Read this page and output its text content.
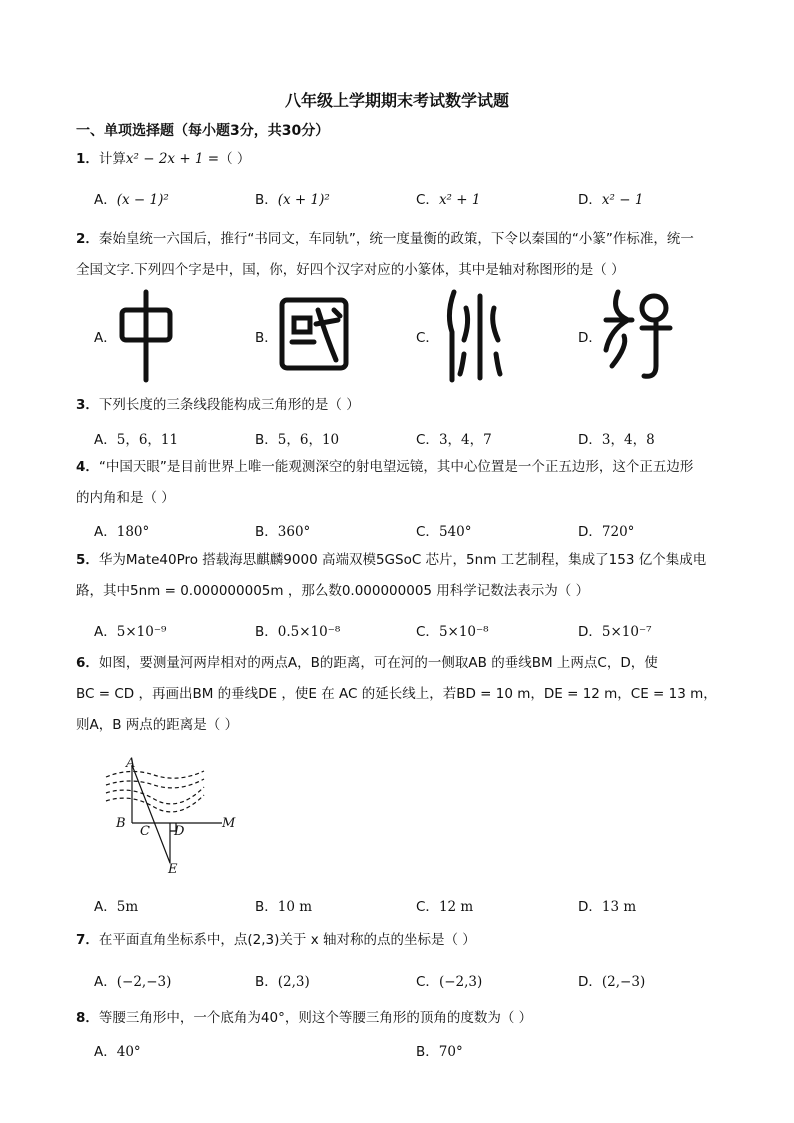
八年级上学期期末考试数学试题
一、单项选择题（每小题3分，共30分）
1．计算x² − 2x + 1 =（ ）
A．(x − 1)²	B．(x + 1)²	C．x² + 1	D．x² − 1
2．秦始皇统一六国后，推行“书同文，车同轨”，统一度量衡的政策，下令以秦国的“小篆”作标准，统一
全国文字.下列四个字是中，国，你，好四个汉字对应的小篆体，其中是轴对称图形的是（ ）
A．	B．	C．	D．
3．下列长度的三条线段能构成三角形的是（ ）
A．5，6，11	B．5，6，10	C．3，4，7	D．3，4，8
4．“中国天眼”是目前世界上唯一能观测深空的射电望远镜，其中心位置是一个正五边形，这个正五边形
的内角和是（ ）
A．180°	B．360°	C．540°	D．720°
5．华为Mate40Pro 搭载海思麒麟9000 高端双模5GSoC 芯片，5nm 工艺制程，集成了153 亿个集成电
路，其中5nm = 0.000000005m ，那么数0.000000005 用科学记数法表示为（ ）
A．5×10⁻⁹	B．0.5×10⁻⁸	C．5×10⁻⁸	D．5×10⁻⁷
6．如图，要测量河两岸相对的两点A，B的距离，可在河的一侧取AB 的垂线BM 上两点C，D，使
BC = CD ，再画出BM 的垂线DE ，使E 在 AC 的延长线上，若BD = 10 m，DE = 12 m，CE = 13 m，
则A，B 两点的距离是（ ）
A
B
C D
M
E
A．5m	B．10 m	C．12 m	D．13 m
7．在平面直角坐标系中，点(2,3)关于 x 轴对称的点的坐标是（ ）
A．(−2,−3)	B．(2,3)	C．(−2,3)	D．(2,−3)
8．等腰三角形中，一个底角为40°，则这个等腰三角形的顶角的度数为（ ）
A．40°	B．70°
